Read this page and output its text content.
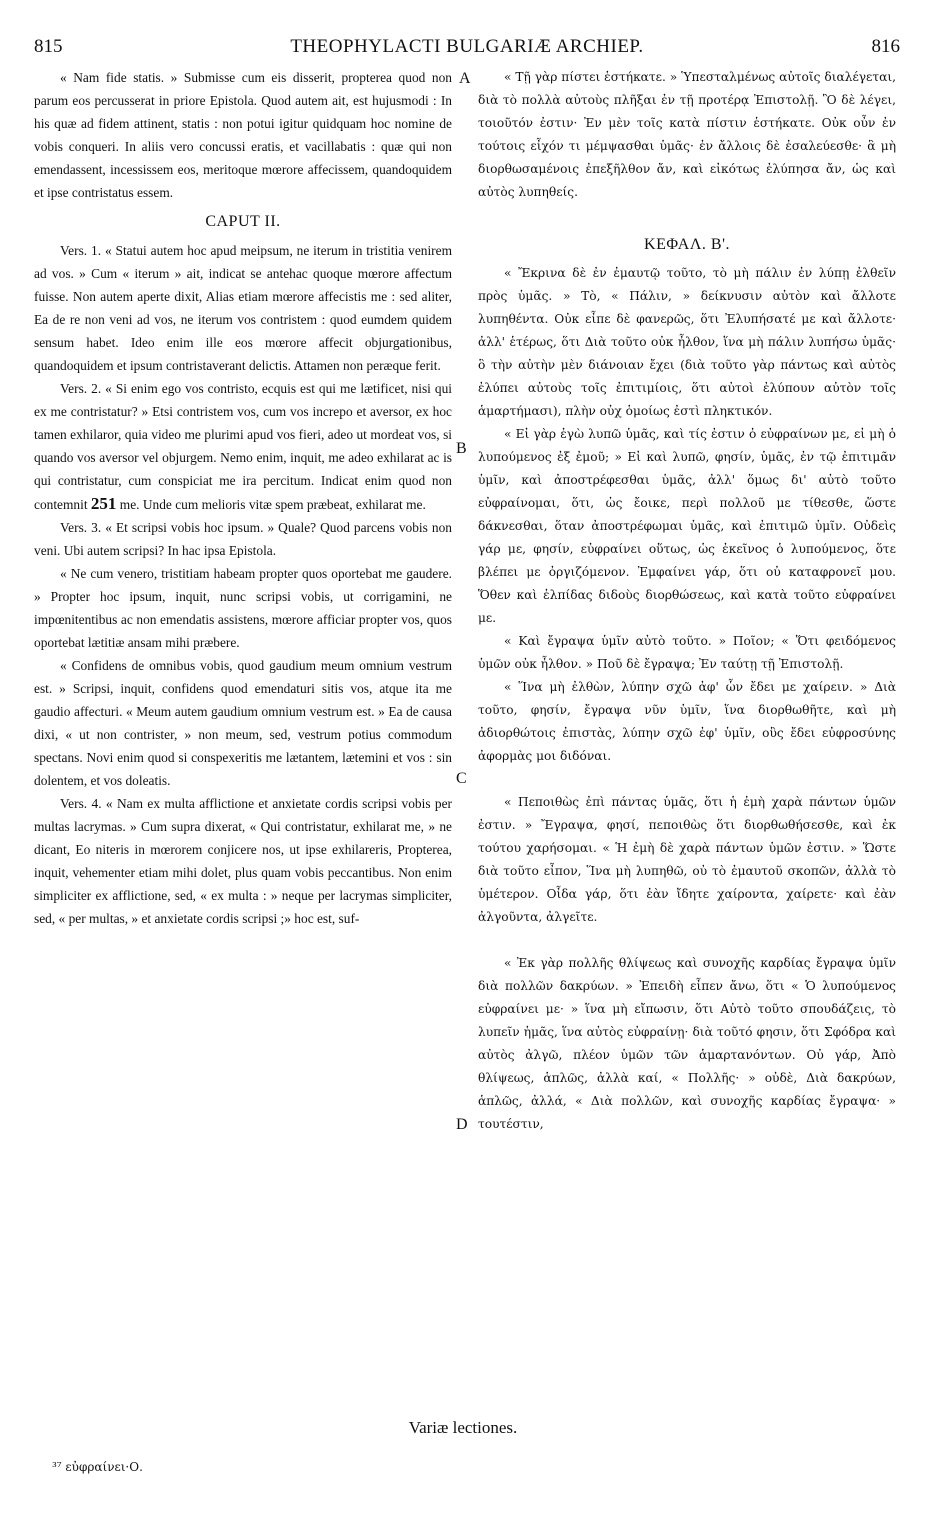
815	THEOPHYLACTI BULGARIÆ ARCHIEP.	816
A
B
C
D

« Nam fide statis. » Submisse cum eis disserit, propterea quod non parum eos percusserat in priore Epistola. Quod autem ait, est hujusmodi : In his quæ ad fidem attinent, statis : non potui igitur quidquam hoc nomine de vobis conqueri. In aliis vero concussi eratis, et vacillabatis : quæ qui non emendassent, incessissem eos, meritoque mœrore affecissem, quandoquidem et ipse contristatus essem.

CAPUT II.

Vers. 1. « Statui autem hoc apud meipsum, ne iterum in tristitia venirem ad vos. » Cum « iterum » ait, indicat se antehac quoque mœrore affectum fuisse. Non autem aperte dixit, Alias etiam mœrore affecistis me : sed aliter, Ea de re non veni ad vos, ne iterum vos contristem : quod eumdem quidem sensum habet. Ideo enim ille eos mœrore affecit objurgationibus, quandoquidem et ipsum contristaverant delictis. Attamen non peræque ferit.

Vers. 2. « Si enim ego vos contristo, ecquis est qui me lætificet, nisi qui ex me contristatur? » Etsi contristem vos, cum vos increpo et aversor, ex hoc tamen exhilaror, quia video me plurimi apud vos fieri, adeo ut mordeat vos, si quando vos aversor vel objurgem. Nemo enim, inquit, me adeo exhilarat ac is qui contristatur, cum conspiciat me ira percitum. Indicat enim quod non contemnit 251 me. Unde cum melioris vitæ spem præbeat, exhilarat me.

Vers. 3. « Et scripsi vobis hoc ipsum. » Quale? Quod parcens vobis non veni. Ubi autem scripsi? In hac ipsa Epistola.

« Ne cum venero, tristitiam habeam propter quos oportebat me gaudere. » Propter hoc ipsum, inquit, nunc scripsi vobis, ut corrigamini, ne impœnitentibus ac non emendatis assistens, mœrore afficiar propter vos, quos oportebat lætitiæ ansam mihi præbere.

« Confidens de omnibus vobis, quod gaudium meum omnium vestrum est. » Scripsi, inquit, confidens quod emendaturi sitis vos, atque ita me gaudio affecturi. « Meum autem gaudium omnium vestrum est. » Ea de causa dixi, « ut non contrister, » non meum, sed, vestrum potius commodum spectans. Novi enim quod si conspexeritis me lætantem, lætemini et vos : sin dolentem, et vos doleatis.

Vers. 4. « Nam ex multa afflictione et anxietate cordis scripsi vobis per multas lacrymas. » Cum supra dixerat, « Qui contristatur, exhilarat me, » ne dicant, Eo niteris in mœrorem conjicere nos, ut ipse exhilareris, Propterea, inquit, vehementer etiam mihi dolet, plus quam vobis peccantibus. Non enim simpliciter ex afflictione, sed, « ex multa : » neque per lacrymas simpliciter, sed, « per multas, » et anxietate cordis scripsi ;» hoc est, suf-

« Τῇ γὰρ πίστει ἑστήκατε. » Ὑπεσταλμένως αὐτοῖς διαλέγεται, διὰ τὸ πολλὰ αὐτοὺς πλῆξαι ἐν τῇ προτέρᾳ Ἐπιστολῇ. Ὃ δὲ λέγει, τοιοῦτόν ἐστιν· Ἐν μὲν τοῖς κατὰ πίστιν ἑστήκατε. Οὐκ οὖν ἐν τούτοις εἶχόν τι μέμψασθαι ὑμᾶς· ἐν ἄλλοις δὲ ἐσαλεύεσθε· ἃ μὴ διορθωσαμένοις ἐπεξῆλθον ἄν, καὶ εἰκότως ἐλύπησα ἄν, ὡς καὶ αὐτὸς λυπηθείς.

ΚΕΦΑΛ. Β'.

« Ἔκρινα δὲ ἐν ἐμαυτῷ τοῦτο, τὸ μὴ πάλιν ἐν λύπῃ ἐλθεῖν πρὸς ὑμᾶς. » Τὸ, « Πάλιν, » δείκνυσιν αὐτὸν καὶ ἄλλοτε λυπηθέντα. Οὐκ εἶπε δὲ φανερῶς, ὅτι Ἐλυπήσατέ με καὶ ἄλλοτε· ἀλλ' ἑτέρως, ὅτι Διὰ τοῦτο οὐκ ἦλθον, ἵνα μὴ πάλιν λυπήσω ὑμᾶς· ὃ τὴν αὐτὴν μὲν διάνοιαν ἔχει (διὰ τοῦτο γὰρ πάντως καὶ αὐτὸς ἐλύπει αὐτοὺς τοῖς ἐπιτιμίοις, ὅτι αὐτοὶ ἐλύπουν αὐτὸν τοῖς ἁμαρτήμασι), πλὴν οὐχ ὁμοίως ἐστὶ πληκτικόν.

« Εἰ γὰρ ἐγὼ λυπῶ ὑμᾶς, καὶ τίς ἐστιν ὁ εὐφραίνων με, εἰ μὴ ὁ λυπούμενος ἐξ ἐμοῦ; » Εἰ καὶ λυπῶ, φησίν, ὑμᾶς, ἐν τῷ ἐπιτιμᾶν ὑμῖν, καὶ ἀποστρέφεσθαι ὑμᾶς, ἀλλ' ὅμως δι' αὐτὸ τοῦτο εὐφραίνομαι, ὅτι, ὡς ἔοικε, περὶ πολλοῦ με τίθεσθε, ὥστε δάκνεσθαι, ὅταν ἀποστρέφωμαι ὑμᾶς, καὶ ἐπιτιμῶ ὑμῖν. Οὐδεὶς γάρ με, φησίν, εὐφραίνει οὕτως, ὡς ἐκεῖνος ὁ λυπούμενος, ὅτε βλέπει με ὀργιζόμενον. Ἐμφαίνει γάρ, ὅτι οὐ καταφρονεῖ μου. Ὅθεν καὶ ἐλπίδας διδοὺς διορθώσεως, καὶ κατὰ τοῦτο εὐφραίνει με.

« Καὶ ἔγραψα ὑμῖν αὐτὸ τοῦτο. » Ποῖον; « Ὅτι φειδόμενος ὑμῶν οὐκ ἦλθον. » Ποῦ δὲ ἔγραψα; Ἐν ταύτῃ τῇ Ἐπιστολῇ.

« Ἵνα μὴ ἐλθὼν, λύπην σχῶ ἀφ' ὧν ἔδει με χαίρειν. » Διὰ τοῦτο, φησίν, ἔγραψα νῦν ὑμῖν, ἵνα διορθωθῆτε, καὶ μὴ ἀδιορθώτοις ἐπιστὰς, λύπην σχῶ ἐφ' ὑμῖν, οὓς ἔδει εὐφροσύνης ἀφορμὰς μοι διδόναι.

« Πεποιθὼς ἐπὶ πάντας ὑμᾶς, ὅτι ἡ ἐμὴ χαρὰ πάντων ὑμῶν ἐστιν. » Ἔγραψα, φησί, πεποιθὼς ὅτι διορθωθήσεσθε, καὶ ἐκ τούτου χαρήσομαι. « Ἡ ἐμὴ δὲ χαρὰ πάντων ὑμῶν ἐστιν. » Ὥστε διὰ τοῦτο εἶπον, Ἵνα μὴ λυπηθῶ, οὐ τὸ ἐμαυτοῦ σκοπῶν, ἀλλὰ τὸ ὑμέτερον. Οἶδα γάρ, ὅτι ἐὰν ἴδητε χαίροντα, χαίρετε· καὶ ἐὰν ἀλγοῦντα, ἀλγεῖτε.

« Ἐκ γὰρ πολλῆς θλίψεως καὶ συνοχῆς καρδίας ἔγραψα ὑμῖν διὰ πολλῶν δακρύων. » Ἐπειδὴ εἶπεν ἄνω, ὅτι « Ὁ λυπούμενος εὐφραίνει με· » ἵνα μὴ εἴπωσιν, ὅτι Αὐτὸ τοῦτο σπουδάζεις, τὸ λυπεῖν ἡμᾶς, ἵνα αὐτὸς εὐφραίνῃ· διὰ τοῦτό φησιν, ὅτι Σφόδρα καὶ αὐτὸς ἀλγῶ, πλέον ὑμῶν τῶν ἁμαρτανόντων. Οὐ γάρ, Ἀπὸ θλίψεως, ἁπλῶς, ἀλλὰ καί, « Πολλῆς· » οὐδὲ, Διὰ δακρύων, ἁπλῶς, ἀλλά, « Διὰ πολλῶν, καὶ συνοχῆς καρδίας ἔγραψα· » τουτέστιν,

Variæ lectiones.
³⁷ εὐφραίνει·Ο.
